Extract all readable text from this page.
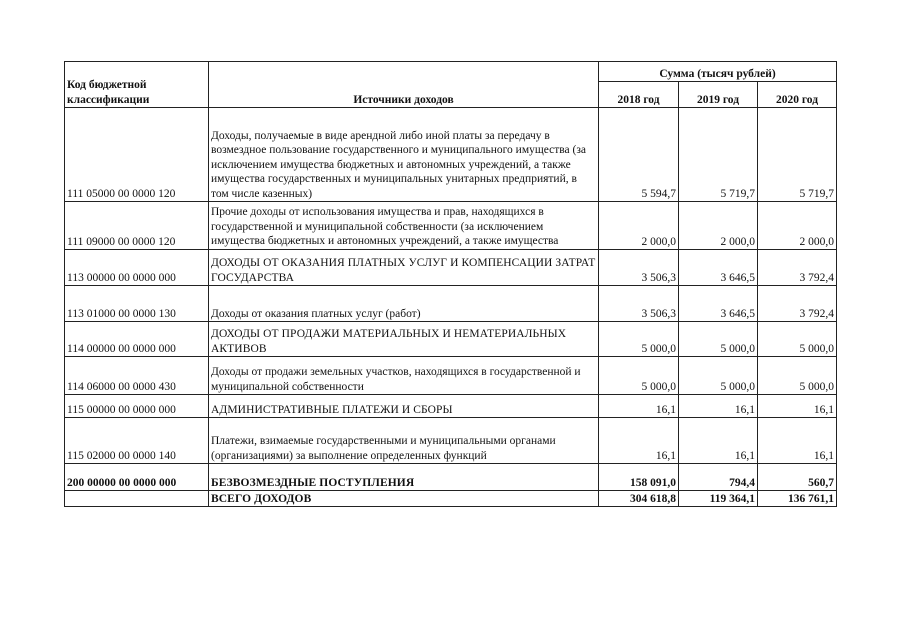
Код бюджетной классификации	Источники доходов	Сумма (тысяч рублей)		
		2018 год	2019 год	2020 год
111 05000 00 0000 120	Доходы, получаемые в виде арендной либо иной платы за передачу в возмездное пользование государственного и муниципального имущества (за исключением имущества бюджетных и автономных учреждений, а также имущества государственных и муниципальных унитарных предприятий, в том числе казенных)	5 594,7	5 719,7	5 719,7
111 09000 00 0000 120	Прочие доходы от использования имущества и прав, находящихся в государственной и муниципальной собственности (за исключением имущества бюджетных и автономных учреждений, а также имущества	2 000,0	2 000,0	2 000,0
113 00000 00 0000 000	ДОХОДЫ ОТ ОКАЗАНИЯ ПЛАТНЫХ УСЛУГ И КОМПЕНСАЦИИ ЗАТРАТ ГОСУДАРСТВА	3 506,3	3 646,5	3 792,4
113 01000 00 0000 130	Доходы от оказания платных услуг (работ)	3 506,3	3 646,5	3 792,4
114 00000 00 0000 000	ДОХОДЫ ОТ ПРОДАЖИ МАТЕРИАЛЬНЫХ И НЕМАТЕРИАЛЬНЫХ АКТИВОВ	5 000,0	5 000,0	5 000,0
114 06000 00 0000 430	Доходы от продажи земельных участков, находящихся в государственной и муниципальной собственности	5 000,0	5 000,0	5 000,0
115 00000 00 0000 000	АДМИНИСТРАТИВНЫЕ ПЛАТЕЖИ И СБОРЫ	16,1	16,1	16,1
115 02000 00 0000 140	Платежи, взимаемые государственными и муниципальными органами (организациями) за выполнение определенных функций	16,1	16,1	16,1
200 00000 00 0000 000	БЕЗВОЗМЕЗДНЫЕ ПОСТУПЛЕНИЯ	158 091,0	794,4	560,7
	ВСЕГО ДОХОДОВ	304 618,8	119 364,1	136 761,1
